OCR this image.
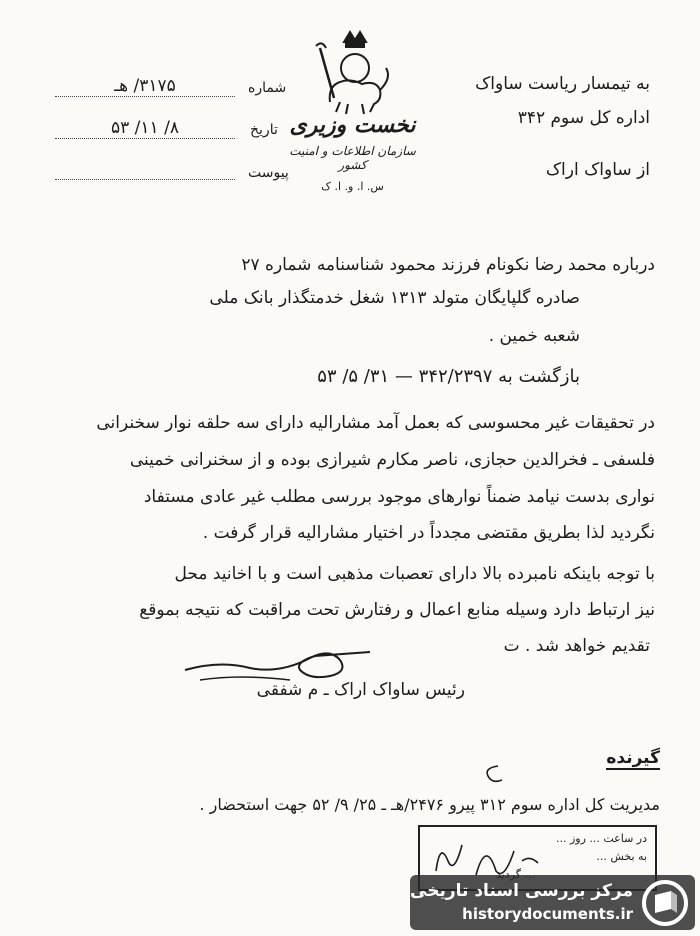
شماره
۳۱۷۵/ هـ
تاریخ
۸/ ۱۱/ ۵۳
پیوست
نخست وزیری
سازمان اطلاعات و امنیت کشور
س. ا. و. ا. ک
به تیمسار ریاست ساواک
اداره کل سوم ۳۴۲
از ساواک اراک
درباره محمد رضا نکونام فرزند محمود شناسنامه شماره ۲۷
صادره گلپایگان متولد ۱۳۱۳ شغل خدمتگذار بانک ملی
شعبه خمین .
بازگشت به ۳۴۲/۲۳۹۷ — ۳۱/ ۵/ ۵۳
در تحقیقات غیر محسوسی که بعمل آمد مشارالیه دارای سه حلقه نوار سخنرانی
فلسفی ـ فخرالدین حجازی، ناصر مکارم شیرازی بوده و از سخنرانی خمینی
نواری بدست نیامد ضمناً نوارهای موجود بررسی مطلب غیر عادی مستفاد
نگردید لذا بطریق مقتضی مجدداً در اختیار مشارالیه قرار گرفت .
با توجه باینکه نامبرده بالا دارای تعصبات مذهبی است و با اخانید محل
نیز ارتباط دارد وسیله منابع اعمال و رفتارش تحت مراقبت که نتیجه بموقع
تقدیم خواهد شد . ت
رئیس ساواک اراک ـ م شفقی
گیرنده
مدیریت کل اداره سوم ۳۱۲ پیرو ۲۴۷۶/هـ ـ ۲۵/ ۹/ ۵۲ جهت استحضار .
در ساعت ... روز ...
به بخش ...
مرکز بررسی اسناد تاریخی
historydocuments.ir
